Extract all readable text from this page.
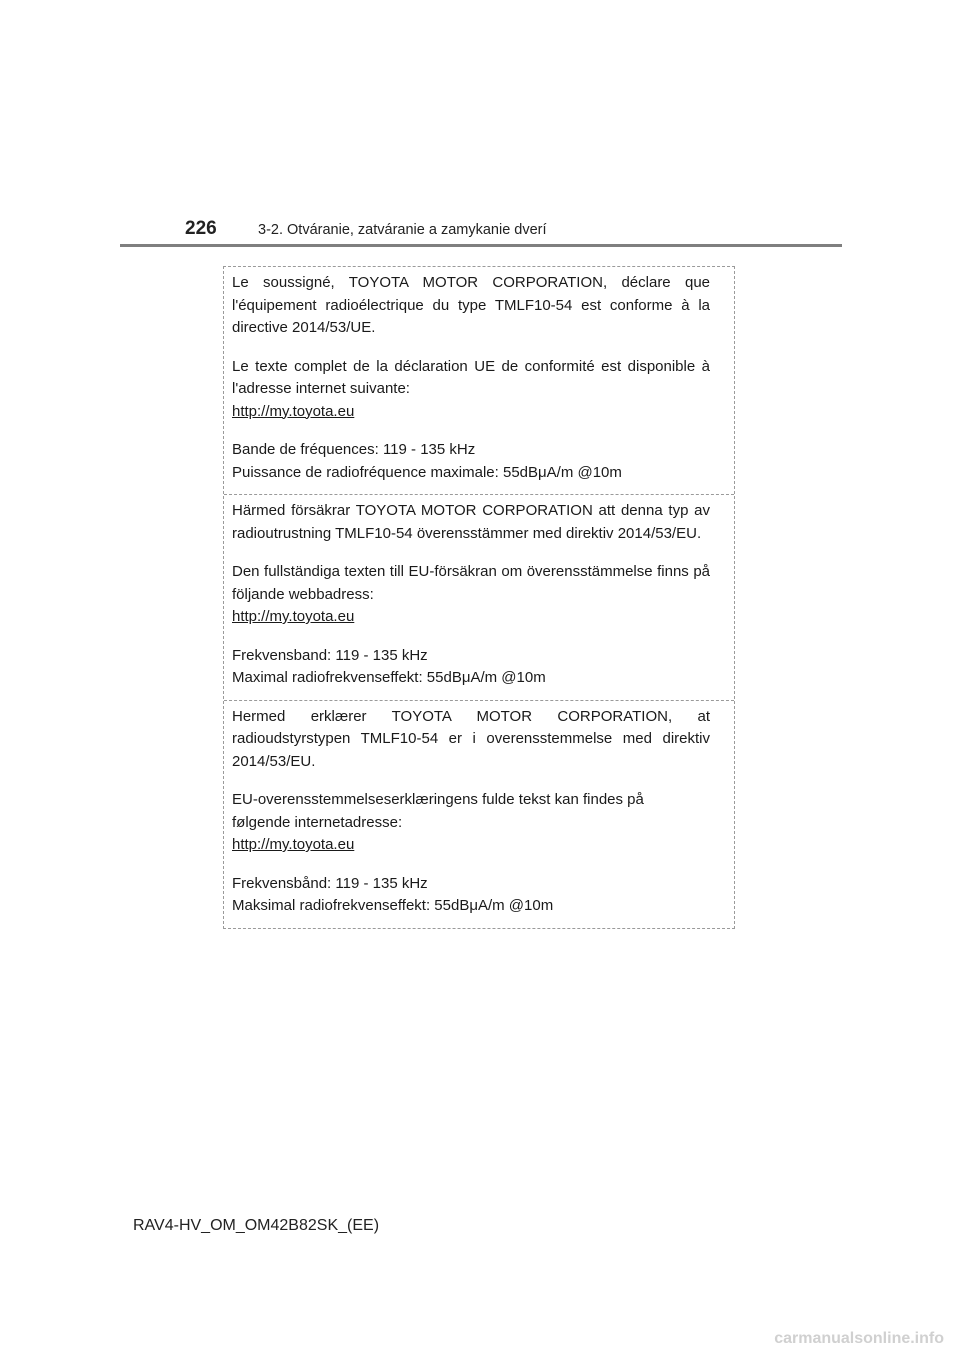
226	3-2. Otváranie, zatváranie a zamykanie dverí

Le soussigné, TOYOTA MOTOR CORPORATION, déclare que l'équipement radioélectrique du type TMLF10-54 est conforme à la directive 2014/53/UE.

Le texte complet de la déclaration UE de conformité est disponible à l'adresse internet suivante:

http://my.toyota.eu
Bande de fréquences: 119 - 135 kHz
Puissance de radiofréquence maximale: 55dBμA/m @10m

Härmed försäkrar TOYOTA MOTOR CORPORATION att denna typ av radioutrustning TMLF10-54 överensstämmer med direktiv 2014/53/EU.

Den fullständiga texten till EU-försäkran om överensstämmelse finns på följande webbadress:

http://my.toyota.eu
Frekvensband: 119 - 135 kHz
Maximal radiofrekvenseffekt: 55dBμA/m @10m

Hermed erklærer TOYOTA MOTOR CORPORATION, at radioudstyrstypen TMLF10-54 er i overensstemmelse med direktiv 2014/53/EU.

EU-overensstemmelseserklæringens fulde tekst kan findes på følgende internetadresse:

http://my.toyota.eu
Frekvensbånd: 119 - 135 kHz
Maksimal radiofrekvenseffekt: 55dBμA/m @10m
RAV4-HV_OM_OM42B82SK_(EE)
carmanualsonline.info
